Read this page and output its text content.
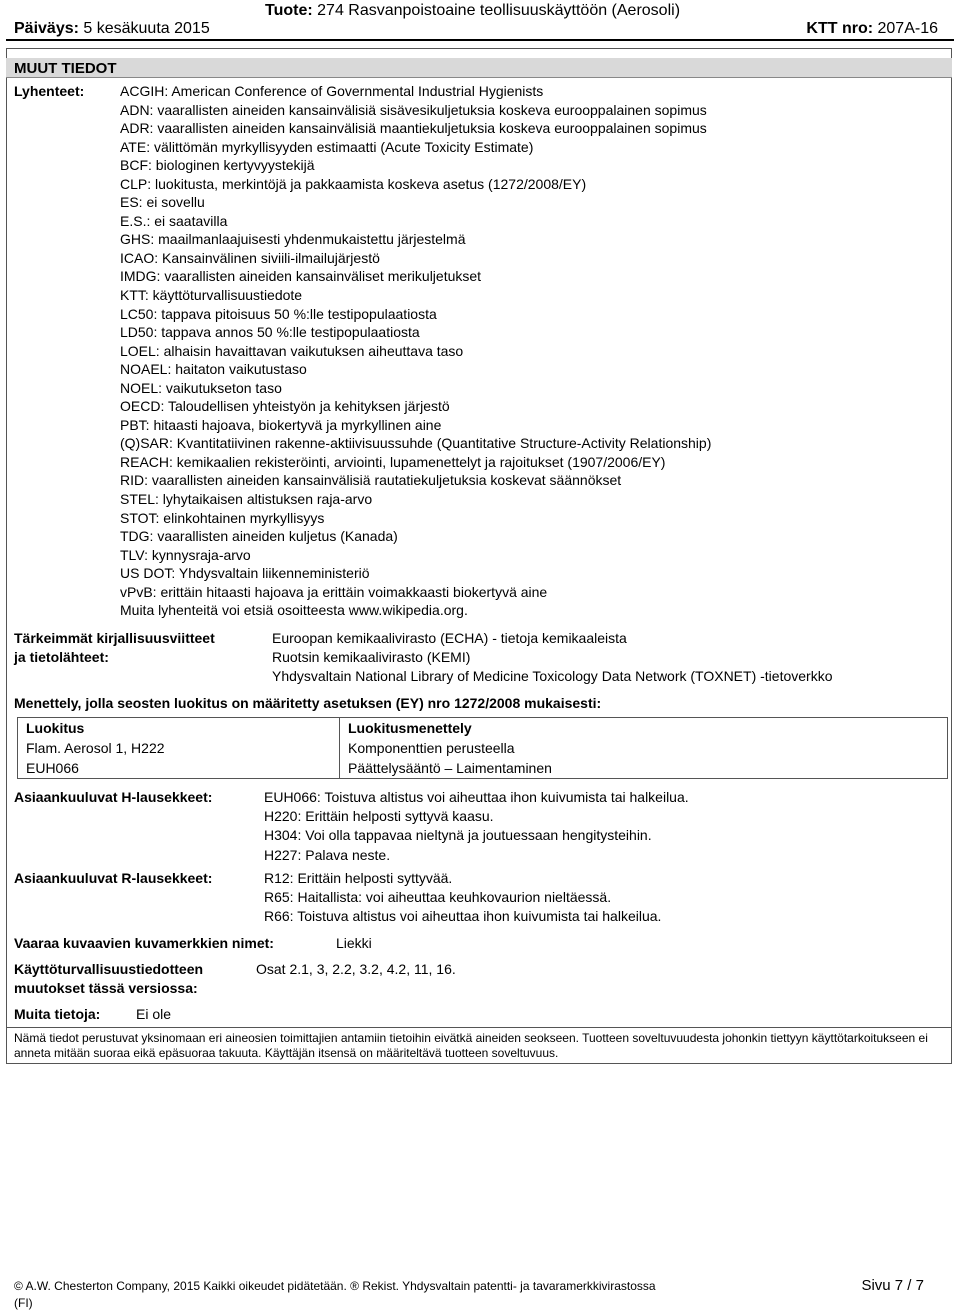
Tuote: 274 Rasvanpoistoaine teollisuuskäyttöön (Aerosoli)
Päiväys: 5 kesäkuuta 2015	KTT nro: 207A-16
MUUT TIEDOT
Lyhenteet:	ACGIH: American Conference of Governmental Industrial Hygienists
ADN: vaarallisten aineiden kansainvälisiä sisävesikuljetuksia koskeva eurooppalainen sopimus
ADR: vaarallisten aineiden kansainvälisiä maantiekuljetuksia koskeva eurooppalainen sopimus
ATE: välittömän myrkyllisyyden estimaatti (Acute Toxicity Estimate)
BCF: biologinen kertyvyystekijä
CLP: luokitusta, merkintöjä ja pakkaamista koskeva asetus (1272/2008/EY)
ES: ei sovellu
E.S.: ei saatavilla
GHS: maailmanlaajuisesti yhdenmukaistettu järjestelmä
ICAO: Kansainvälinen siviili-ilmailujärjestö
IMDG: vaarallisten aineiden kansainväliset merikuljetukset
KTT: käyttöturvallisuustiedote
LC50: tappava pitoisuus 50 %:lle testipopulaatiosta
LD50: tappava annos 50 %:lle testipopulaatiosta
LOEL: alhaisin havaittavan vaikutuksen aiheuttava taso
NOAEL: haitaton vaikutustaso
NOEL: vaikutukseton taso
OECD: Taloudellisen yhteistyön ja kehityksen järjestö
PBT: hitaasti hajoava, biokertyvä ja myrkyllinen aine
(Q)SAR: Kvantitatiivinen rakenne-aktiivisuussuhde (Quantitative Structure-Activity Relationship)
REACH: kemikaalien rekisteröinti, arviointi, lupamenettelyt ja rajoitukset (1907/2006/EY)
RID: vaarallisten aineiden kansainvälisiä rautatiekuljetuksia koskevat säännökset
STEL: lyhytaikaisen altistuksen raja-arvo
STOT: elinkohtainen myrkyllisyys
TDG: vaarallisten aineiden kuljetus (Kanada)
TLV: kynnysraja-arvo
US DOT: Yhdysvaltain liikenneministeriö
vPvB: erittäin hitaasti hajoava ja erittäin voimakkaasti biokertyvä aine
Muita lyhenteitä voi etsiä osoitteesta www.wikipedia.org.
Tärkeimmät kirjallisuusviitteet
ja tietolähteet:
Euroopan kemikaalivirasto (ECHA) - tietoja kemikaaleista
Ruotsin kemikaalivirasto (KEMI)
Yhdysvaltain National Library of Medicine Toxicology Data Network (TOXNET) -tietoverkko
Menettely, jolla seosten luokitus on määritetty asetuksen (EY) nro 1272/2008 mukaisesti:
Luokitus	Luokitusmenettely
Flam. Aerosol 1, H222	Komponenttien perusteella
EUH066	Päättelysääntö – Laimentaminen
Asiaankuuluvat H-lausekkeet:	EUH066: Toistuva altistus voi aiheuttaa ihon kuivumista tai halkeilua.
H220: Erittäin helposti syttyvä kaasu.
H304: Voi olla tappavaa nieltynä ja joutuessaan hengitysteihin.
H227: Palava neste.
Asiaankuuluvat R-lausekkeet:	R12: Erittäin helposti syttyvää.
R65: Haitallista: voi aiheuttaa keuhkovaurion nieltäessä.
R66: Toistuva altistus voi aiheuttaa ihon kuivumista tai halkeilua.
Vaaraa kuvaavien kuvamerkkien nimet:	Liekki
Käyttöturvallisuustiedotteen
muutokset tässä versiossa:
Osat 2.1, 3, 2.2, 3.2, 4.2, 11, 16.
Muita tietoja:	Ei ole
Nämä tiedot perustuvat yksinomaan eri aineosien toimittajien antamiin tietoihin eivätkä aineiden seokseen. Tuotteen soveltuvuudesta johonkin tiettyyn käyttötarkoitukseen ei anneta mitään suoraa eikä epäsuoraa takuuta. Käyttäjän itsensä on määriteltävä tuotteen soveltuvuus.
© A.W. Chesterton Company, 2015 Kaikki oikeudet pidätetään. ® Rekist. Yhdysvaltain patentti- ja tavaramerkkivirastossa
(FI)
Sivu 7 / 7
